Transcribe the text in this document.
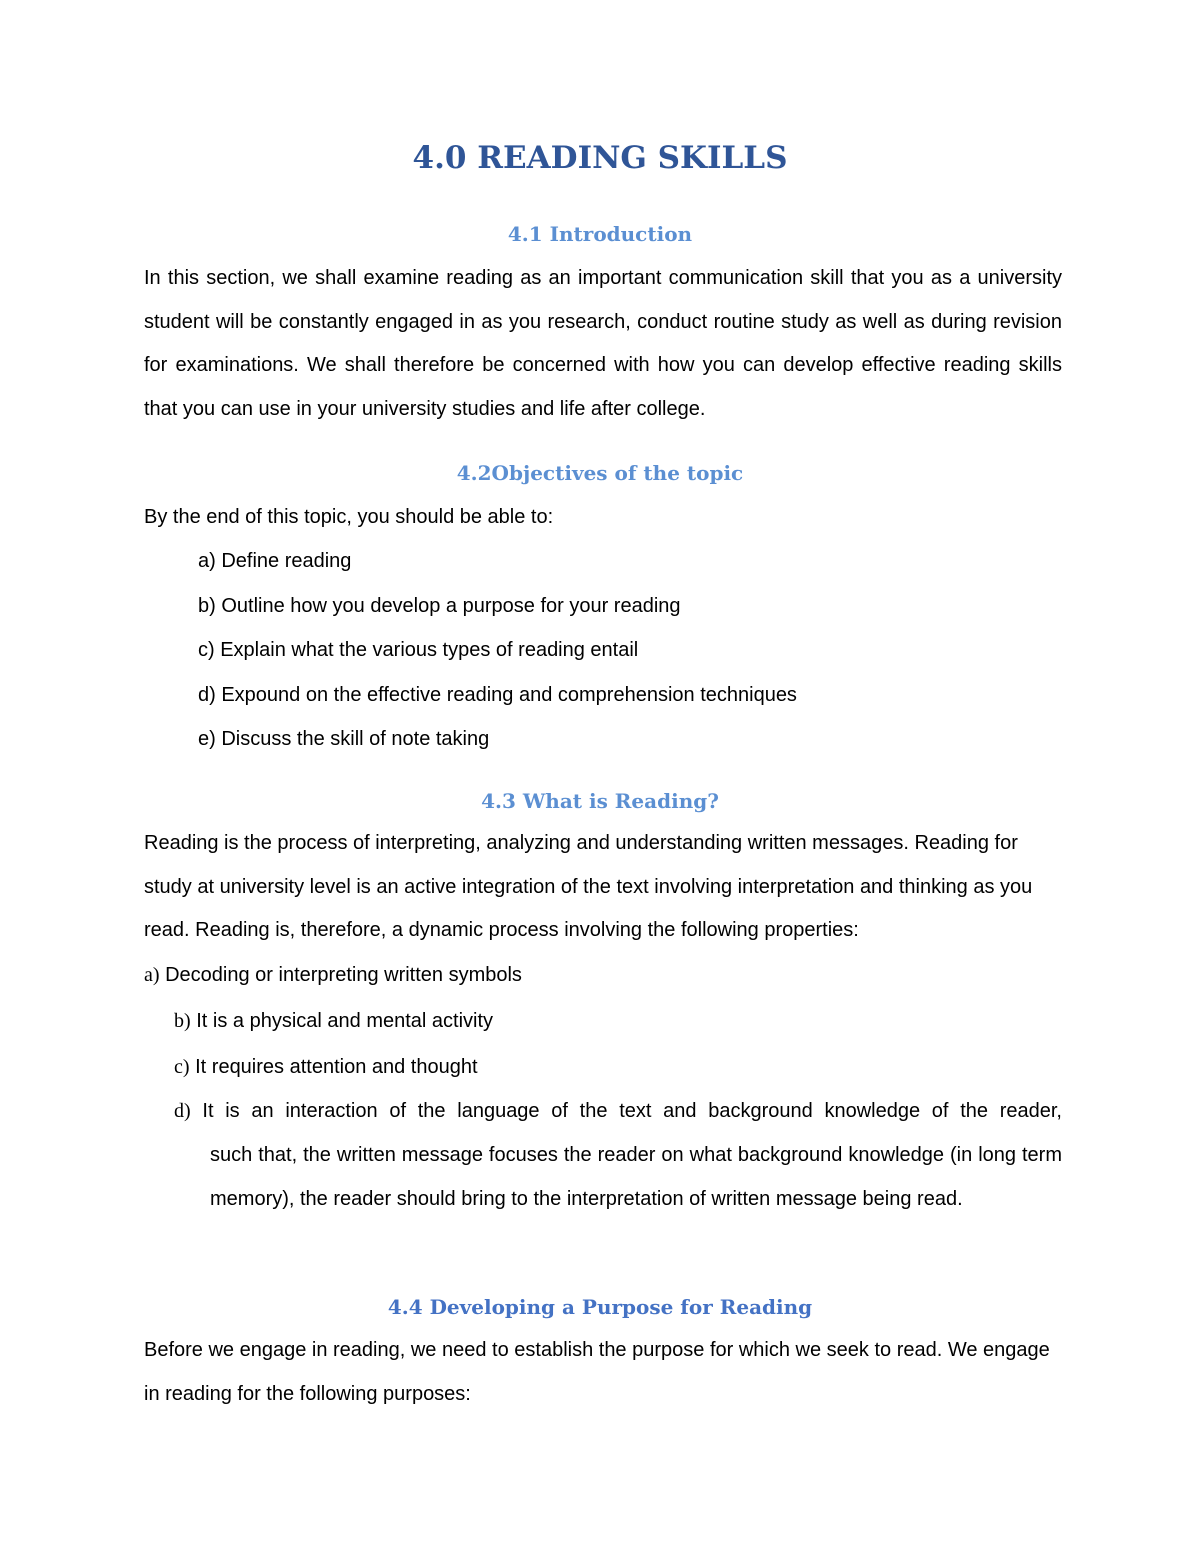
4.0 READING SKILLS
4.1 Introduction

In this section, we shall examine reading as an important communication skill that you as a university student will be constantly engaged in as you research, conduct routine study as well as during revision for examinations. We shall therefore be concerned with how you can develop effective reading skills that you can use in your university studies and life after college.

4.2Objectives of the topic

By the end of this topic, you should be able to:

a) Define reading
b) Outline how you develop a purpose for your reading
c) Explain what the various types of reading entail
d) Expound on the effective reading and comprehension techniques
e) Discuss the skill of note taking
4.3 What is Reading?

Reading is the process of interpreting, analyzing and understanding written messages. Reading for study at university level is an active integration of the text involving interpretation and thinking as you read. Reading is, therefore, a dynamic process involving the following properties:

a) Decoding or interpreting written symbols
b) It is a physical and mental activity
c) It requires attention and thought
d) It is an interaction of the language of the text and background knowledge of the reader,
such that, the written message focuses the reader on what background knowledge (in long term memory), the reader should bring to the interpretation of written message being read.
4.4 Developing a Purpose for Reading

Before we engage in reading, we need to establish the purpose for which we seek to read. We engage in reading for the following purposes:
